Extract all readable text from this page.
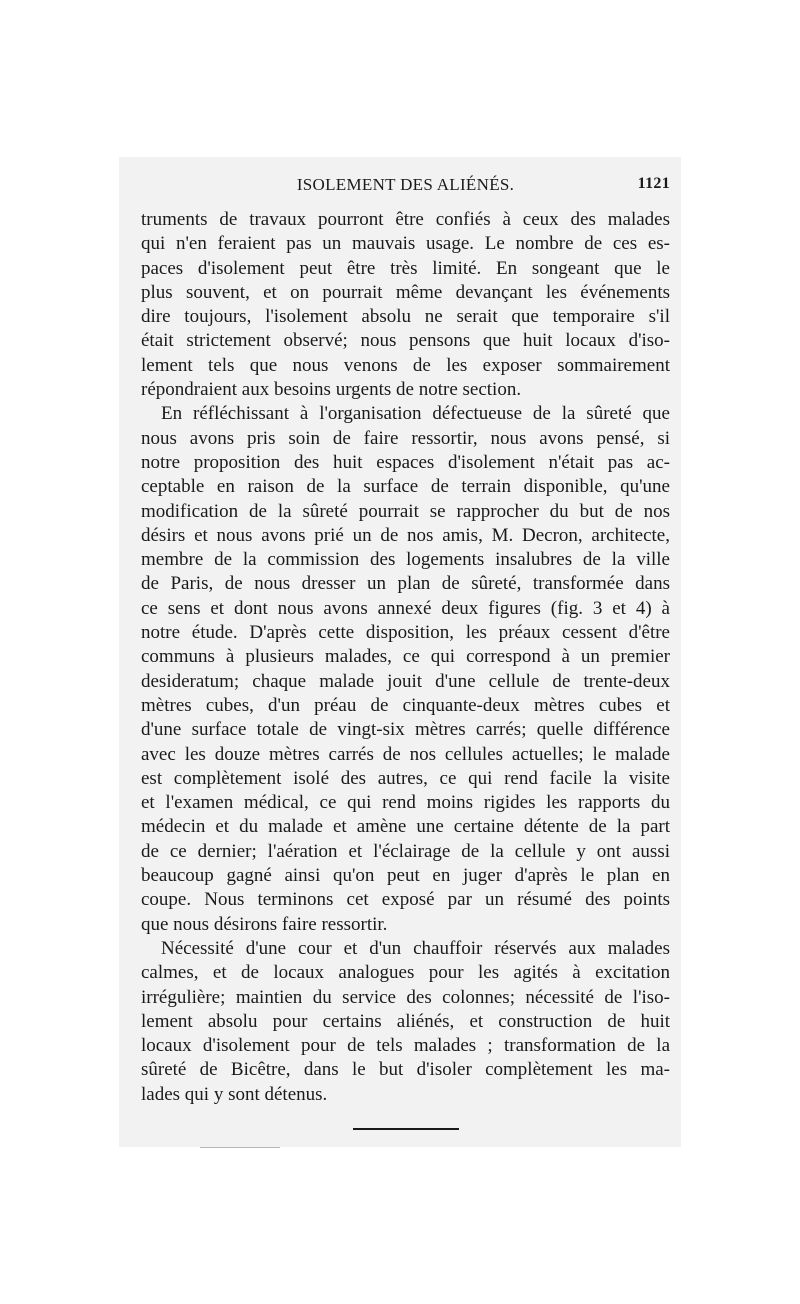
ISOLEMENT DES ALIÉNÉS.	1121

truments de travaux pourront être confiés à ceux des malades
qui n'en feraient pas un mauvais usage. Le nombre de ces es-
paces d'isolement peut être très limité. En songeant que le
plus souvent, et on pourrait même devançant les événements
dire toujours, l'isolement absolu ne serait que temporaire s'il
était strictement observé; nous pensons que huit locaux d'iso-
lement tels que nous venons de les exposer sommairement
répondraient aux besoins urgents de notre section.

En réfléchissant à l'organisation défectueuse de la sûreté que
nous avons pris soin de faire ressortir, nous avons pensé, si
notre proposition des huit espaces d'isolement n'était pas ac-
ceptable en raison de la surface de terrain disponible, qu'une
modification de la sûreté pourrait se rapprocher du but de nos
désirs et nous avons prié un de nos amis, M. Decron, architecte,
membre de la commission des logements insalubres de la ville
de Paris, de nous dresser un plan de sûreté, transformée dans
ce sens et dont nous avons annexé deux figures (fig. 3 et 4) à
notre étude. D'après cette disposition, les préaux cessent d'être
communs à plusieurs malades, ce qui correspond à un premier
desideratum; chaque malade jouit d'une cellule de trente-deux
mètres cubes, d'un préau de cinquante-deux mètres cubes et
d'une surface totale de vingt-six mètres carrés; quelle différence
avec les douze mètres carrés de nos cellules actuelles; le malade
est complètement isolé des autres, ce qui rend facile la visite
et l'examen médical, ce qui rend moins rigides les rapports du
médecin et du malade et amène une certaine détente de la part
de ce dernier; l'aération et l'éclairage de la cellule y ont aussi
beaucoup gagné ainsi qu'on peut en juger d'après le plan en
coupe. Nous terminons cet exposé par un résumé des points
que nous désirons faire ressortir.

Nécessité d'une cour et d'un chauffoir réservés aux malades
calmes, et de locaux analogues pour les agités à excitation
irrégulière; maintien du service des colonnes; nécessité de l'iso-
lement absolu pour certains aliénés, et construction de huit
locaux d'isolement pour de tels malades ; transformation de la
sûreté de Bicêtre, dans le but d'isoler complètement les ma-
lades qui y sont détenus.
